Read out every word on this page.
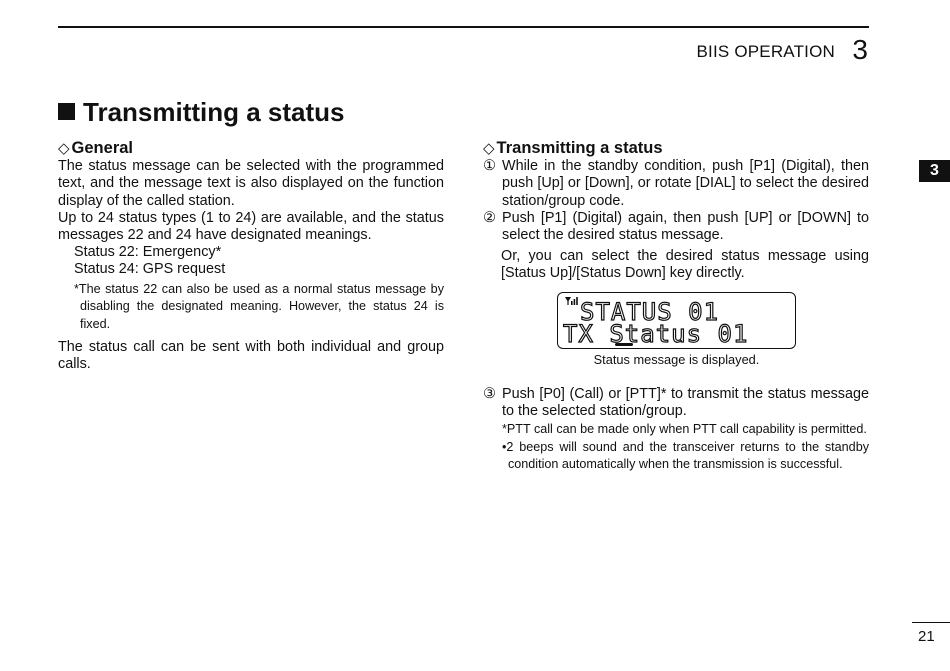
BIIS OPERATION 3
Transmitting a status
◇ General

The status message can be selected with the programmed text, and the message text is also displayed on the function display of the called station.

Up to 24 status types (1 to 24) are available, and the status messages 22 and 24 have designated meanings.

Status 22: Emergency*

Status 24: GPS request

*The status 22 can also be used as a normal status message by disabling the designated meaning. However, the status 24 is fixed.

The status call can be sent with both individual and group calls.

◇ Transmitting a status
① While in the standby condition, push [P1] (Digital), then push [Up] or [Down], or rotate [DIAL] to select the desired station/group code.
② Push [P1] (Digital) again, then push [UP] or [DOWN] to select the desired status message.

Or, you can select the desired status message using [Status Up]/[Status Down] key directly.

STATUS 01
TX Status 01
Status message is displayed.
③ Push [P0] (Call) or [PTT]* to transmit the status message to the selected station/group.

*PTT call can be made only when PTT call capability is permitted.

•2 beeps will sound and the transceiver returns to the standby condition automatically when the transmission is successful.

3
21
